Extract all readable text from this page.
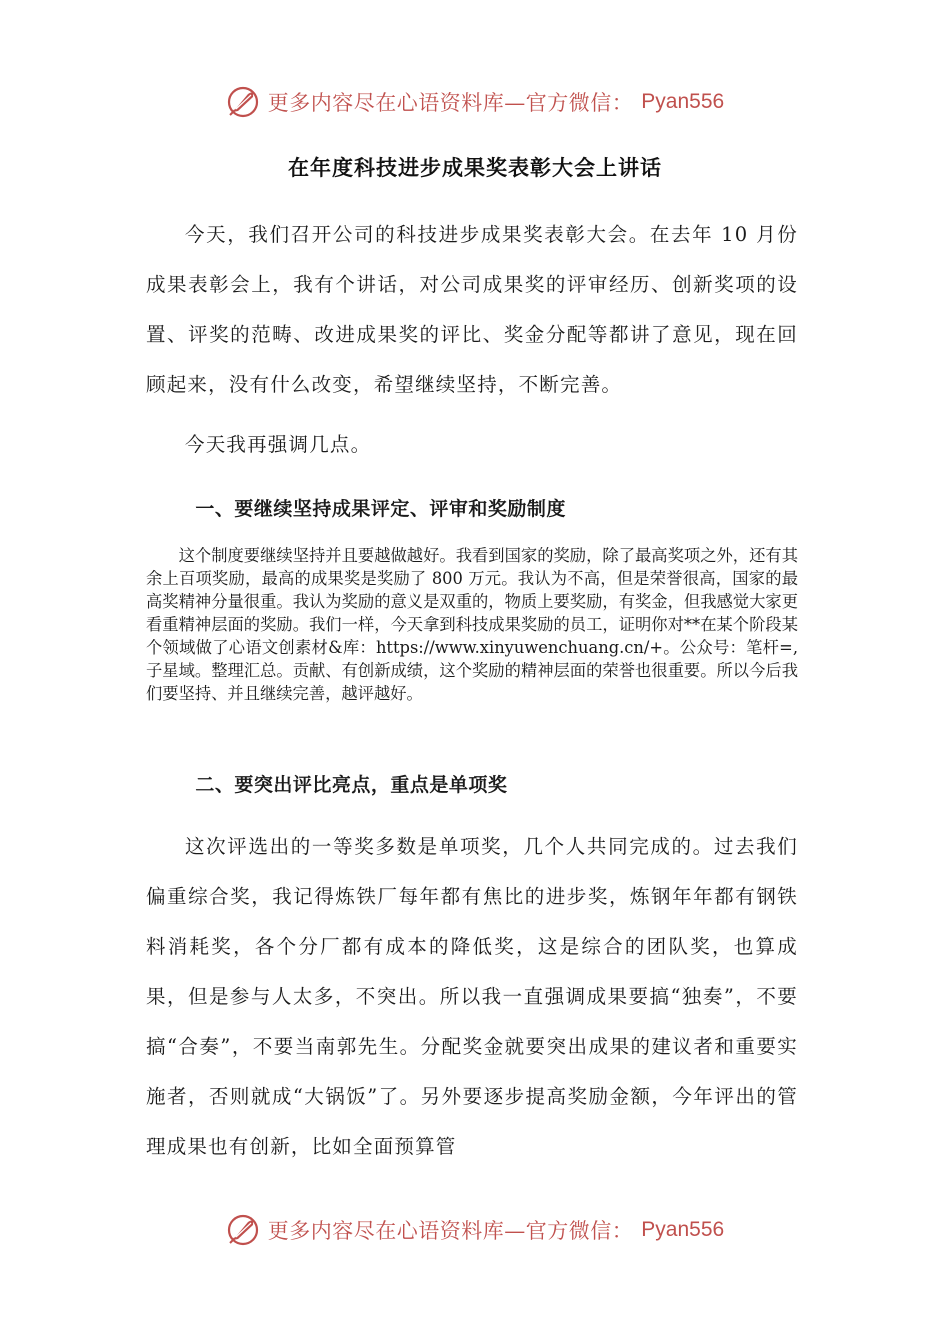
更多内容尽在心语资料库—官方微信： Pyan556
在年度科技进步成果奖表彰大会上讲话

今天，我们召开公司的科技进步成果奖表彰大会。在去年 10 月份成果表彰会上，我有个讲话，对公司成果奖的评审经历、创新奖项的设置、评奖的范畴、改进成果奖的评比、奖金分配等都讲了意见，现在回顾起来，没有什么改变，希望继续坚持，不断完善。

今天我再强调几点。

一、要继续坚持成果评定、评审和奖励制度

这个制度要继续坚持并且要越做越好。我看到国家的奖励，除了最高奖项之外，还有其余上百项奖励，最高的成果奖是奖励了 800 万元。我认为不高，但是荣誉很高，国家的最高奖精神分量很重。我认为奖励的意义是双重的，物质上要奖励，有奖金，但我感觉大家更看重精神层面的奖励。我们一样，今天拿到科技成果奖励的员工，证明你对**在某个阶段某个领域做了心语文创素材&库：https://www.xinyuwenchuang.cn/+。公众号：笔杆=,子星域。整理汇总。贡献、有创新成绩，这个奖励的精神层面的荣誉也很重要。所以今后我们要坚持、并且继续完善，越评越好。

二、要突出评比亮点，重点是单项奖

这次评选出的一等奖多数是单项奖，几个人共同完成的。过去我们偏重综合奖，我记得炼铁厂每年都有焦比的进步奖，炼钢年年都有钢铁料消耗奖，各个分厂都有成本的降低奖，这是综合的团队奖，也算成果，但是参与人太多，不突出。所以我一直强调成果要搞“独奏”，不要搞“合奏”，不要当南郭先生。分配奖金就要突出成果的建议者和重要实施者，否则就成“大锅饭”了。另外要逐步提高奖励金额，今年评出的管理成果也有创新，比如全面预算管

更多内容尽在心语资料库—官方微信： Pyan556
